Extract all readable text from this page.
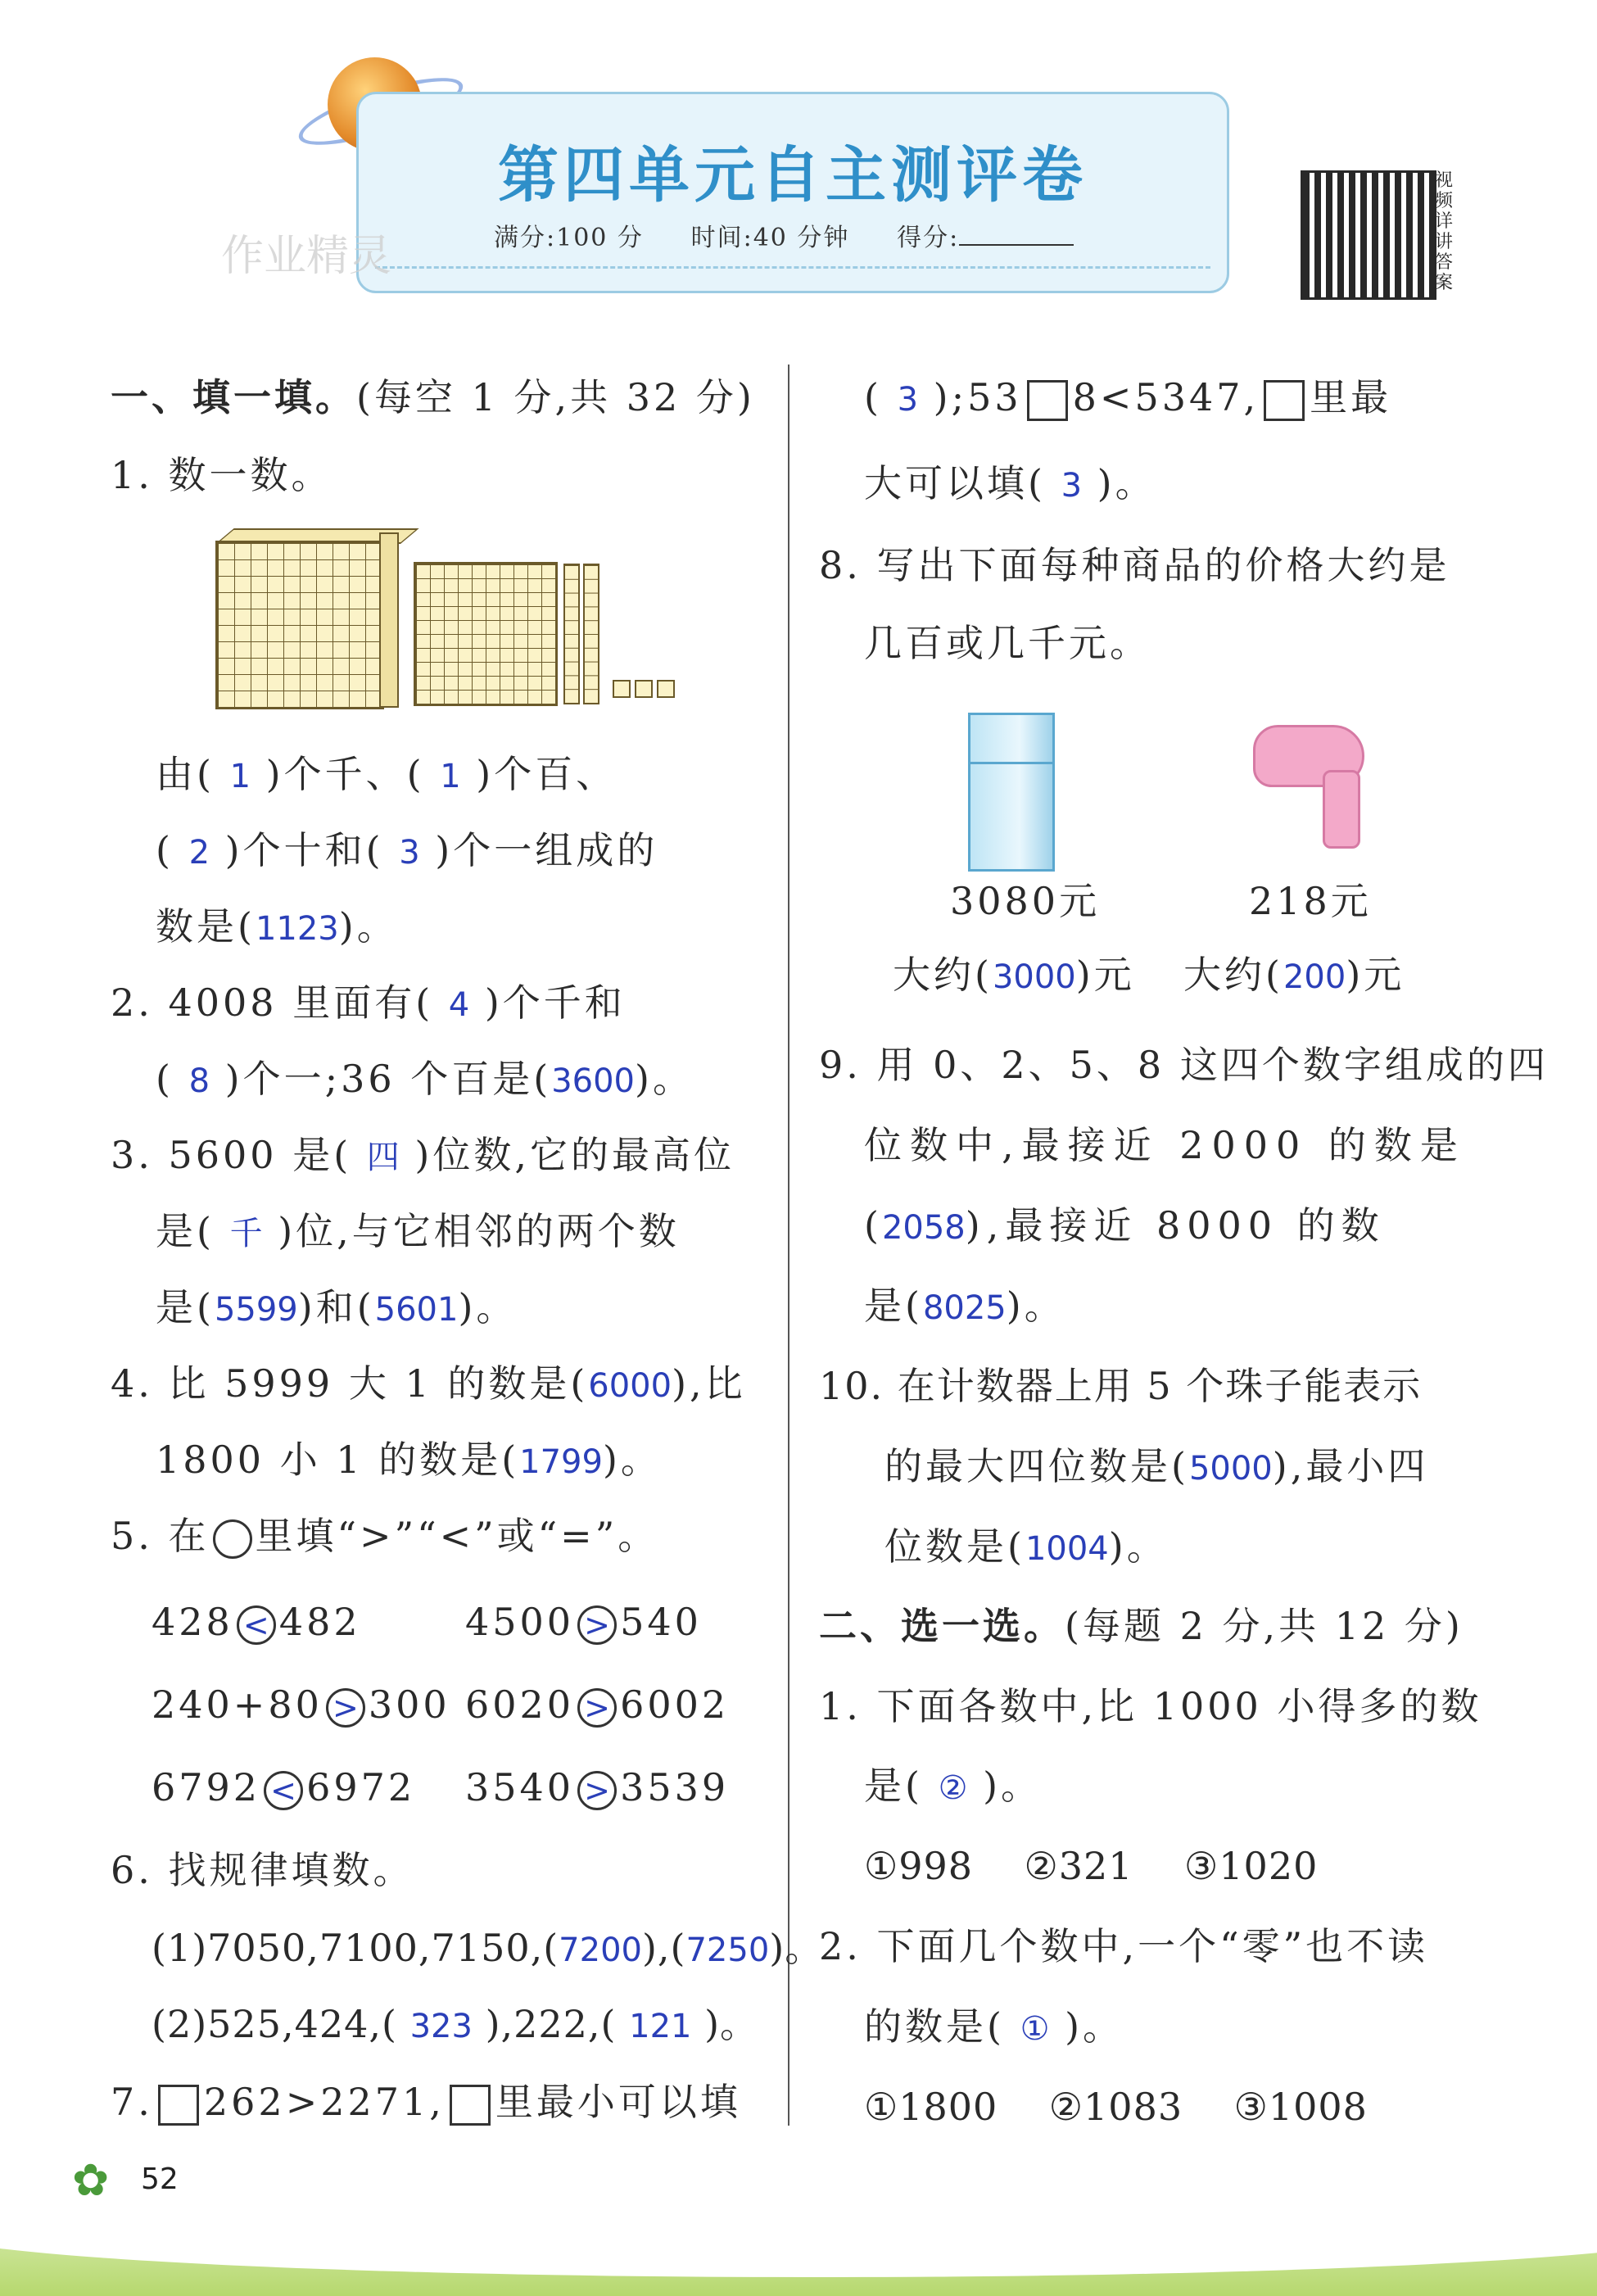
第四单元自主测评卷
满分:100 分 时间:40 分钟 得分:
作业精灵
视频详讲答案
一、填一填。(每空 1 分,共 32 分)
1. 数一数。
由( 1 )个千、( 1 )个百、
( 2 )个十和( 3 )个一组成的
数是(1123)。
2. 4008 里面有( 4 )个千和
( 8 )个一;36 个百是(3600)。
3. 5600 是( 四 )位数,它的最高位
是( 千 )位,与它相邻的两个数
是(5599)和(5601)。
4. 比 5999 大 1 的数是(6000),比
1800 小 1 的数是(1799)。
5. 在 里填“>”“<”或“=”。
428 < 482	4500 > 540
240+80 > 300 6020 > 6002
6792 < 6972 3540 > 3539
6. 找规律填数。
(1)7050,7100,7150,(7200),(7250)。
(2)525,424,( 323 ),222,( 121 )。
7. 262>2271, 里最小可以填
( 3 );53 8<5347, 里最
大可以填( 3 )。
8. 写出下面每种商品的价格大约是
几百或几千元。
3080元	218元
大约(3000)元 大约(200)元
9. 用 0、2、5、8 这四个数字组成的四
位数中,最接近 2000 的数是
(2058),最接近 8000 的数
是(8025)。
10. 在计数器上用 5 个珠子能表示
的最大四位数是(5000),最小四
位数是(1004)。
二、选一选。(每题 2 分,共 12 分)
1. 下面各数中,比 1000 小得多的数
是( ② )。
①998    ②321    ③1020
2. 下面几个数中,一个“零”也不读
的数是( ① )。
①1800    ②1083    ③1008
✿ 52
